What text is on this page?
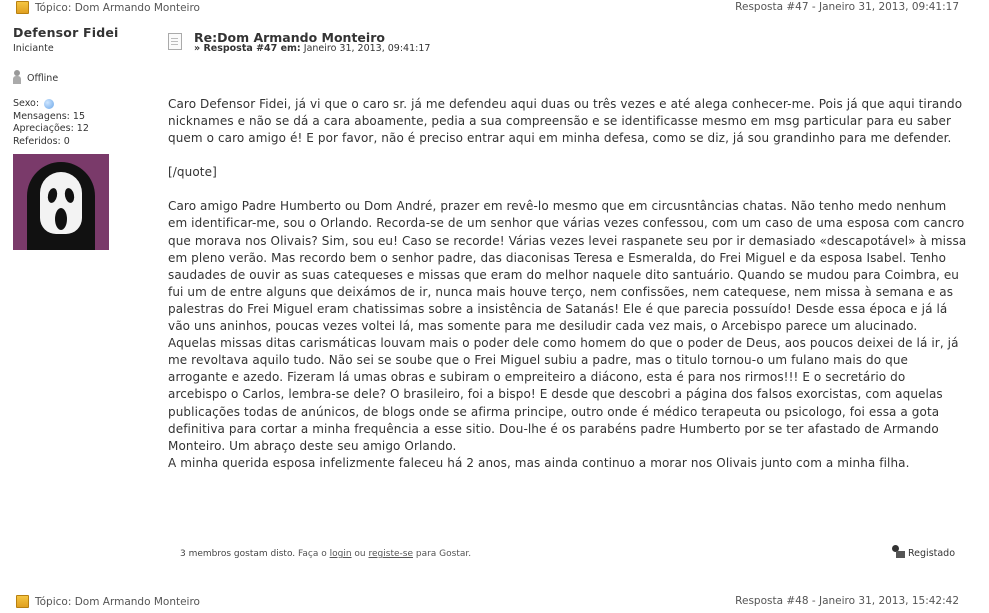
Tópico: Dom Armando Monteiro	Resposta #47 - Janeiro 31, 2013, 09:41:17
Defensor Fidei
Iniciante
Offline
Sexo:
Mensagens: 15
Apreciações: 12
Referidos: 0
Re:Dom Armando Monteiro
» Resposta #47 em: Janeiro 31, 2013, 09:41:17

Caro Defensor Fidei, já vi que o caro sr. já me defendeu aqui duas ou três vezes e até alega conhecer-me. Pois já que aqui tirando nicknames e não se dá a cara aboamente, pedia a sua compreensão e se identificasse mesmo em msg particular para eu saber quem o caro amigo é! E por favor, não é preciso entrar aqui em minha defesa, como se diz, já sou grandinho para me defender.

[/quote]

Caro amigo Padre Humberto ou Dom André, prazer em revê-lo mesmo que em circusntâncias chatas. Não tenho medo nenhum em identificar-me, sou o Orlando. Recorda-se de um senhor que várias vezes confessou, com um caso de uma esposa com cancro que morava nos Olivais? Sim, sou eu! Caso se recorde! Várias vezes levei raspanete seu por ir demasiado «descapotável» à missa em pleno verão. Mas recordo bem o senhor padre, das diaconisas Teresa e Esmeralda, do Frei Miguel e da esposa Isabel. Tenho saudades de ouvir as suas catequeses e missas que eram do melhor naquele dito santuário. Quando se mudou para Coimbra, eu fui um de entre alguns que deixámos de ir, nunca mais houve terço, nem confissões, nem catequese, nem missa à semana e as palestras do Frei Miguel eram chatissimas sobre a insistência de Satanás! Ele é que parecia possuído! Desde essa época e já lá vão uns aninhos, poucas vezes voltei lá, mas somente para me desiludir cada vez mais, o Arcebispo parece um alucinado. Aquelas missas ditas carismáticas louvam mais o poder dele como homem do que o poder de Deus, aos poucos deixei de lá ir, já me revoltava aquilo tudo. Não sei se soube que o Frei Miguel subiu a padre, mas o titulo tornou-o um fulano mais do que arrogante e azedo. Fizeram lá umas obras e subiram o empreiteiro a diácono, esta é para nos rirmos!!! E o secretário do arcebispo o Carlos, lembra-se dele? O brasileiro, foi a bispo! E desde que descobri a página dos falsos exorcistas, com aquelas publicações todas de anúnicos, de blogs onde se afirma principe, outro onde é médico terapeuta ou psicologo, foi essa a gota definitiva para cortar a minha frequência a esse sitio. Dou-lhe é os parabéns padre Humberto por se ter afastado de Armando Monteiro. Um abraço deste seu amigo Orlando.

A minha querida esposa infelizmente faleceu há 2 anos, mas ainda continuo a morar nos Olivais junto com a minha filha.

3 membros gostam disto. Faça o login ou registe-se para Gostar.	Registado
Tópico: Dom Armando Monteiro	Resposta #48 - Janeiro 31, 2013, 15:42:42
